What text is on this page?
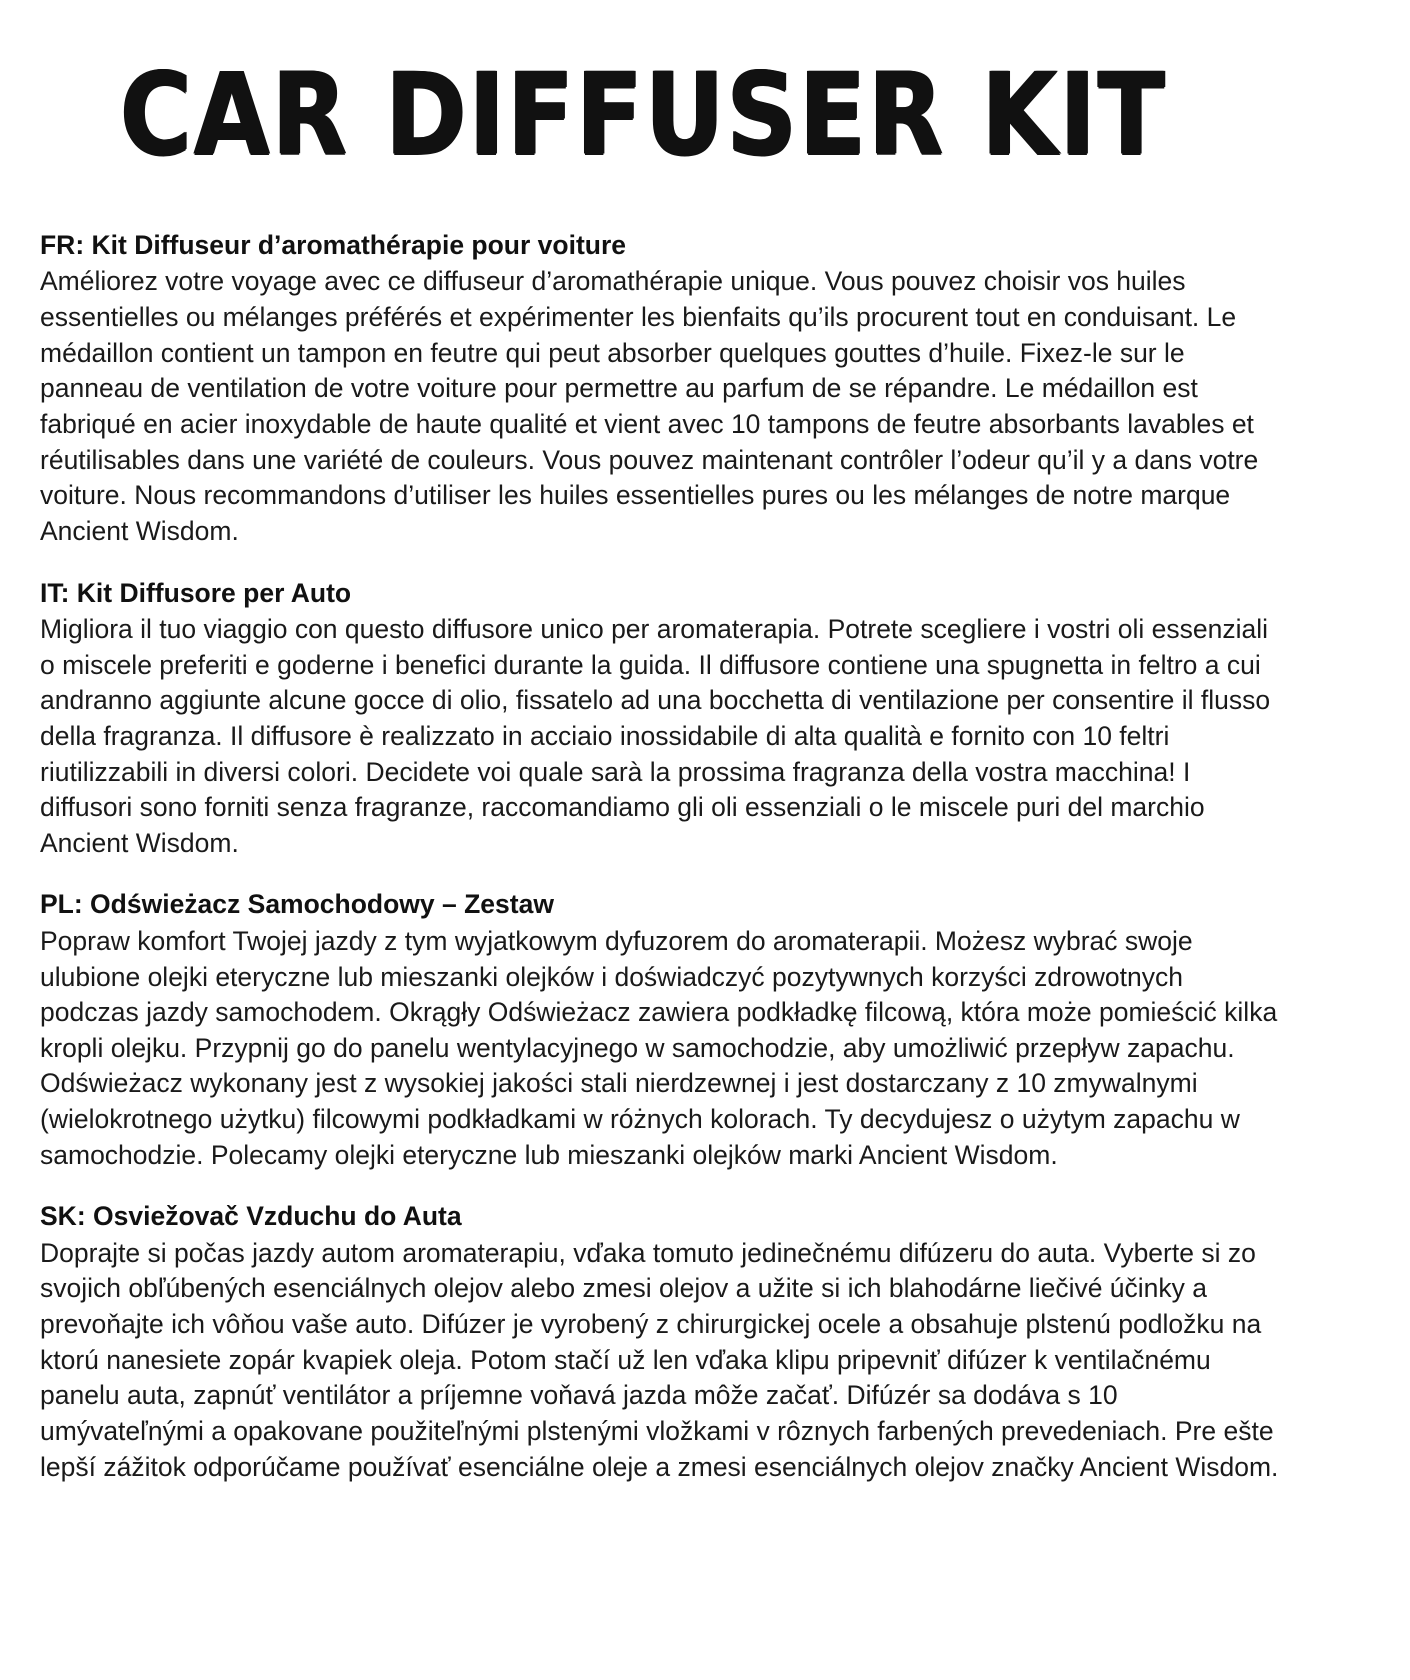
CAR DIFFUSER KIT

FR: Kit Diffuseur d’aromathérapie pour voiture

Améliorez votre voyage avec ce diffuseur d’aromathérapie unique. Vous pouvez choisir vos huiles essentielles ou mélanges préférés et expérimenter les bienfaits qu’ils procurent tout en conduisant. Le médaillon contient un tampon en feutre qui peut absorber quelques gouttes d’huile. Fixez-le sur le panneau de ventilation de votre voiture pour permettre au parfum de se répandre. Le médaillon est fabriqué en acier inoxydable de haute qualité et vient avec 10 tampons de feutre absorbants lavables et réutilisables dans une variété de couleurs. Vous pouvez maintenant contrôler l’odeur qu’il y a dans votre voiture. Nous recommandons d’utiliser les huiles essentielles pures ou les mélanges de notre marque Ancient Wisdom.

IT: Kit Diffusore per Auto

Migliora il tuo viaggio con questo diffusore unico per aromaterapia. Potrete scegliere i vostri oli essenziali o miscele preferiti e goderne i benefici durante la guida. Il diffusore contiene una spugnetta in feltro a cui andranno aggiunte alcune gocce di olio, fissatelo ad una bocchetta di ventilazione per consentire il flusso della fragranza. Il diffusore è realizzato in acciaio inossidabile di alta qualità e fornito con 10 feltri riutilizzabili in diversi colori. Decidete voi quale sarà la prossima fragranza della vostra macchina! I diffusori sono forniti senza fragranze, raccomandiamo gli oli essenziali o le miscele puri del marchio Ancient Wisdom.

PL: Odświeżacz Samochodowy – Zestaw

Popraw komfort Twojej jazdy z tym wyjatkowym dyfuzorem do aromaterapii. Możesz wybrać swoje ulubione olejki eteryczne lub mieszanki olejków i doświadczyć pozytywnych korzyści zdrowotnych podczas jazdy samochodem. Okrągły Odświeżacz zawiera podkładkę filcową, która może pomieścić kilka kropli olejku. Przypnij go do panelu wentylacyjnego w samochodzie, aby umożliwić przepływ zapachu. Odświeżacz wykonany jest z wysokiej jakości stali nierdzewnej i jest dostarczany z 10 zmywalnymi (wielokrotnego użytku) filcowymi podkładkami w różnych kolorach. Ty decydujesz o użytym zapachu w samochodzie. Polecamy olejki eteryczne lub mieszanki olejków marki Ancient Wisdom.

SK: Osviežovač Vzduchu do Auta

Doprajte si počas jazdy autom aromaterapiu, vďaka tomuto jedinečnému difúzeru do auta. Vyberte si zo svojich obľúbených esenciálnych olejov alebo zmesi olejov a užite si ich blahodárne liečivé účinky a prevoňajte ich vôňou vaše auto. Difúzer je vyrobený z chirurgickej ocele a obsahuje plstenú podložku na ktorú nanesiete zopár kvapiek oleja. Potom stačí už len vďaka klipu pripevniť difúzer k ventilačnému panelu auta, zapnúť ventilátor a príjemne voňavá jazda môže začať. Difúzér sa dodáva s 10 umývateľnými a opakovane použiteľnými plstenými vložkami v rôznych farbených prevedeniach. Pre ešte lepší zážitok odporúčame používať esenciálne oleje a zmesi esenciálnych olejov značky Ancient Wisdom.
